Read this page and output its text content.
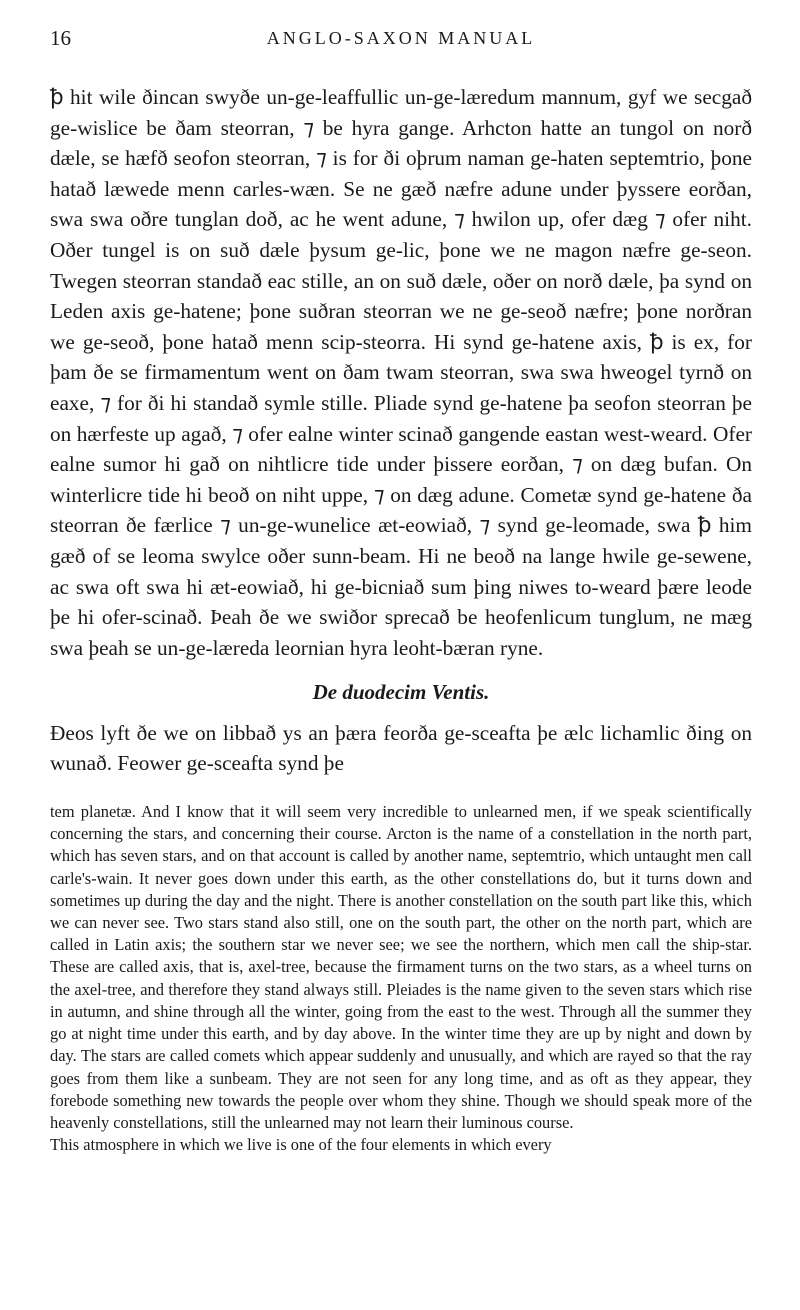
16	ANGLO-SAXON MANUAL

ꝥ hit wile ðincan swyðe un-ge-leaffullic un-ge-læredum mannum, gyf we secgað ge-wislice be ðam steorran, ⁊ be hyra gange. Arhcton hatte an tungol on norð dæle, se hæfð seofon steorran, ⁊ is for ði oþrum naman ge-haten septemtrio, þone hatað læwede menn carles-wæn. Se ne gæð næfre adune under þyssere eorðan, swa swa oðre tunglan doð, ac he went adune, ⁊ hwilon up, ofer dæg ⁊ ofer niht. Oðer tungel is on suð dæle þysum ge-lic, þone we ne magon næfre ge-seon. Twegen steorran standað eac stille, an on suð dæle, oðer on norð dæle, þa synd on Leden axis ge-hatene; þone suðran steorran we ne ge-seoð næfre; þone norðran we ge-seoð, þone hatað menn scip-steorra. Hi synd ge-hatene axis, ꝥ is ex, for þam ðe se firmamentum went on ðam twam steorran, swa swa hweogel tyrnð on eaxe, ⁊ for ði hi standað symle stille. Pliade synd ge-hatene þa seofon steorran þe on hærfeste up agað, ⁊ ofer ealne winter scinað gangende eastan west-weard. Ofer ealne sumor hi gað on nihtlicre tide under þissere eorðan, ⁊ on dæg bufan. On winterlicre tide hi beoð on niht uppe, ⁊ on dæg adune. Cometæ synd ge-hatene ða steorran ðe færlice ⁊ un-ge-wunelice æt-eowiað, ⁊ synd ge-leomade, swa ꝥ him gæð of se leoma swylce oðer sunn-beam. Hi ne beoð na lange hwile ge-sewene, ac swa oft swa hi æt-eowiað, hi ge-bicniað sum þing niwes to-weard þære leode þe hi ofer-scinað. Þeah ðe we swiðor sprecað be heofenlicum tunglum, ne mæg swa þeah se un-ge-læreda leornian hyra leoht-bæran ryne.

De duodecim Ventis.

Ðeos lyft ðe we on libbað ys an þæra feorða ge-sceafta þe ælc lichamlic ðing on wunað. Feower ge-sceafta synd þe

tem planetæ. And I know that it will seem very incredible to unlearned men, if we speak scientifically concerning the stars, and concerning their course. Arcton is the name of a constellation in the north part, which has seven stars, and on that account is called by another name, septemtrio, which untaught men call carle's-wain. It never goes down under this earth, as the other constellations do, but it turns down and sometimes up during the day and the night. There is another constellation on the south part like this, which we can never see. Two stars stand also still, one on the south part, the other on the north part, which are called in Latin axis; the southern star we never see; we see the northern, which men call the ship-star. These are called axis, that is, axel-tree, because the firmament turns on the two stars, as a wheel turns on the axel-tree, and therefore they stand always still. Pleiades is the name given to the seven stars which rise in autumn, and shine through all the winter, going from the east to the west. Through all the summer they go at night time under this earth, and by day above. In the winter time they are up by night and down by day. The stars are called comets which appear suddenly and unusually, and which are rayed so that the ray goes from them like a sunbeam. They are not seen for any long time, and as oft as they appear, they forebode something new towards the people over whom they shine. Though we should speak more of the heavenly constellations, still the unlearned may not learn their luminous course.

This atmosphere in which we live is one of the four elements in which every
